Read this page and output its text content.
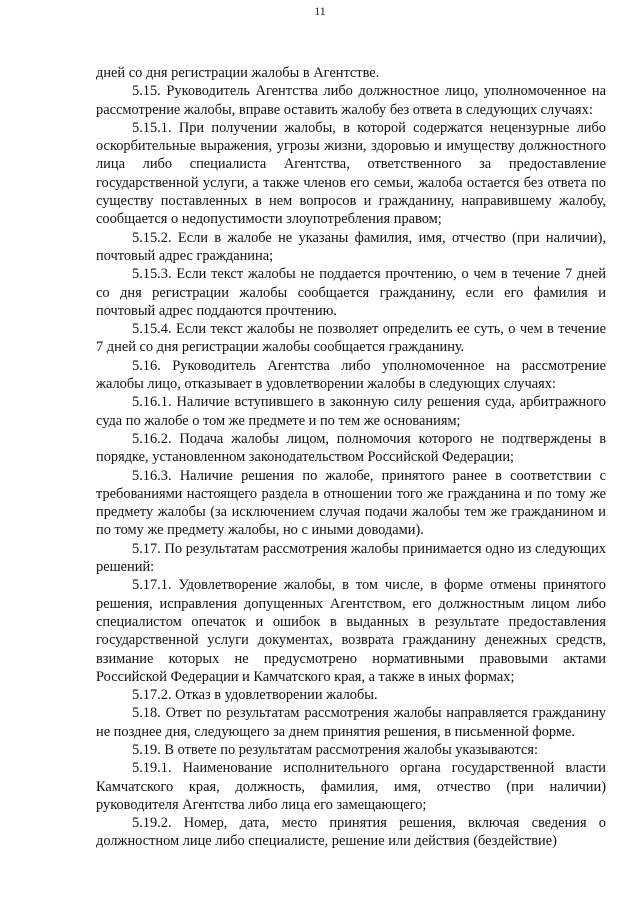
11

дней со дня регистрации жалобы в Агентстве.

5.15. Руководитель Агентства либо должностное лицо, уполномоченное на рассмотрение жалобы, вправе оставить жалобу без ответа в следующих случаях:

5.15.1. При получении жалобы, в которой содержатся нецензурные либо оскорбительные выражения, угрозы жизни, здоровью и имуществу должностного лица либо специалиста Агентства, ответственного за предоставление государственной услуги, а также членов его семьи, жалоба остается без ответа по существу поставленных в нем вопросов и гражданину, направившему жалобу, сообщается о недопустимости злоупотребления правом;

5.15.2. Если в жалобе не указаны фамилия, имя, отчество (при наличии), почтовый адрес гражданина;

5.15.3. Если текст жалобы не поддается прочтению, о чем в течение 7 дней со дня регистрации жалобы сообщается гражданину, если его фамилия и почтовый адрес поддаются прочтению.

5.15.4. Если текст жалобы не позволяет определить ее суть, о чем в течение 7 дней со дня регистрации жалобы сообщается гражданину.

5.16. Руководитель Агентства либо уполномоченное на рассмотрение жалобы лицо, отказывает в удовлетворении жалобы в следующих случаях:

5.16.1. Наличие вступившего в законную силу решения суда, арбитражного суда по жалобе о том же предмете и по тем же основаниям;

5.16.2. Подача жалобы лицом, полномочия которого не подтверждены в порядке, установленном законодательством Российской Федерации;

5.16.3. Наличие решения по жалобе, принятого ранее в соответствии с требованиями настоящего раздела в отношении того же гражданина и по тому же предмету жалобы (за исключением случая подачи жалобы тем же гражданином и по тому же предмету жалобы, но с иными доводами).

5.17. По результатам рассмотрения жалобы принимается одно из следующих решений:

5.17.1. Удовлетворение жалобы, в том числе, в форме отмены принятого решения, исправления допущенных Агентством, его должностным лицом либо специалистом опечаток и ошибок в выданных в результате предоставления государственной услуги документах, возврата гражданину денежных средств, взимание которых не предусмотрено нормативными правовыми актами Российской Федерации и Камчатского края, а также в иных формах;

5.17.2. Отказ в удовлетворении жалобы.

5.18. Ответ по результатам рассмотрения жалобы направляется гражданину не позднее дня, следующего за днем принятия решения, в письменной форме.

5.19. В ответе по результатам рассмотрения жалобы указываются:

5.19.1. Наименование исполнительного органа государственной власти Камчатского края, должность, фамилия, имя, отчество (при наличии) руководителя Агентства либо лица его замещающего;

5.19.2. Номер, дата, место принятия решения, включая сведения о должностном лице либо специалисте, решение или действия (бездействие)
